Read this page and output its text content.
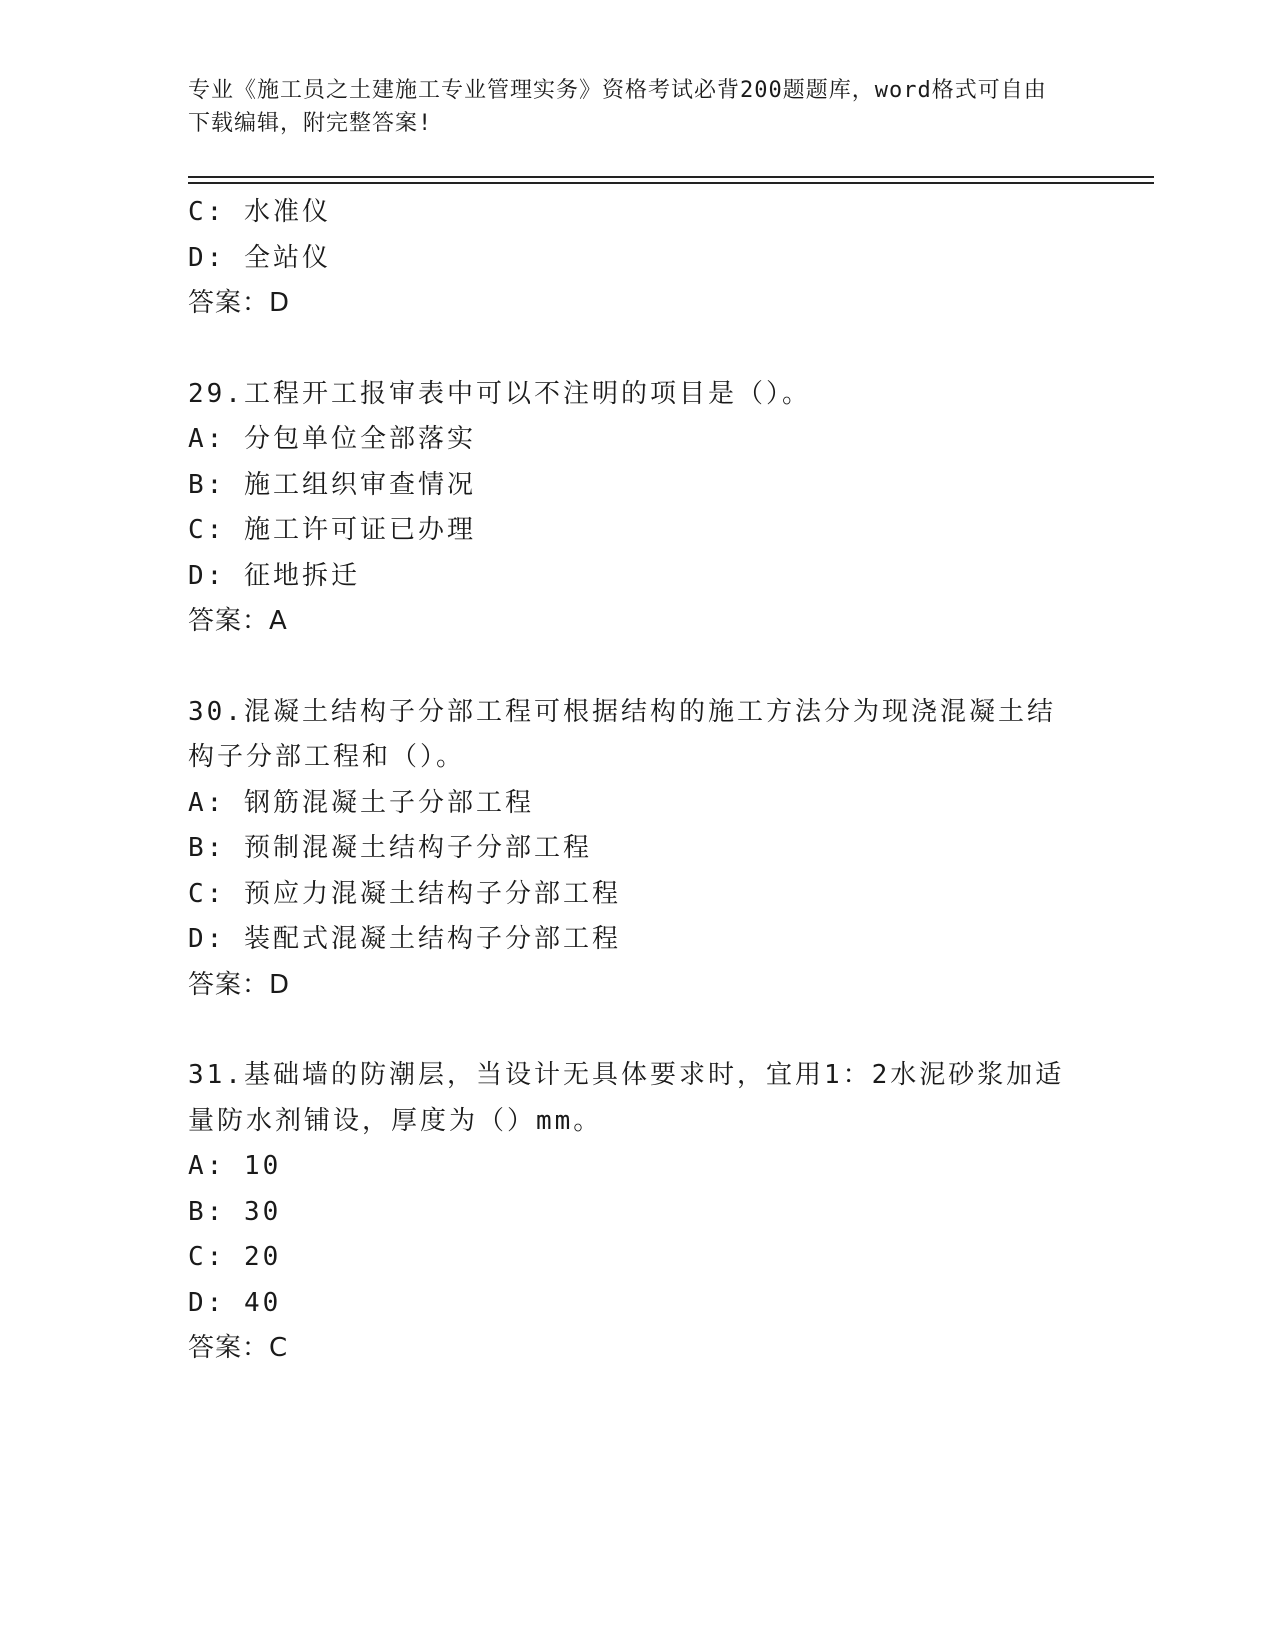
专业《施工员之土建施工专业管理实务》资格考试必背200题题库，word格式可自由下载编辑，附完整答案!
C: 水准仪
D: 全站仪
答案：D
29.工程开工报审表中可以不注明的项目是（）。
A: 分包单位全部落实
B: 施工组织审查情况
C: 施工许可证已办理
D: 征地拆迁
答案：A
30.混凝土结构子分部工程可根据结构的施工方法分为现浇混凝土结构子分部工程和（）。
A: 钢筋混凝土子分部工程
B: 预制混凝土结构子分部工程
C: 预应力混凝土结构子分部工程
D: 装配式混凝土结构子分部工程
答案：D
31.基础墙的防潮层，当设计无具体要求时，宜用1：2水泥砂浆加适量防水剂铺设，厚度为（）mm。
A: 10
B: 30
C: 20
D: 40
答案：C
